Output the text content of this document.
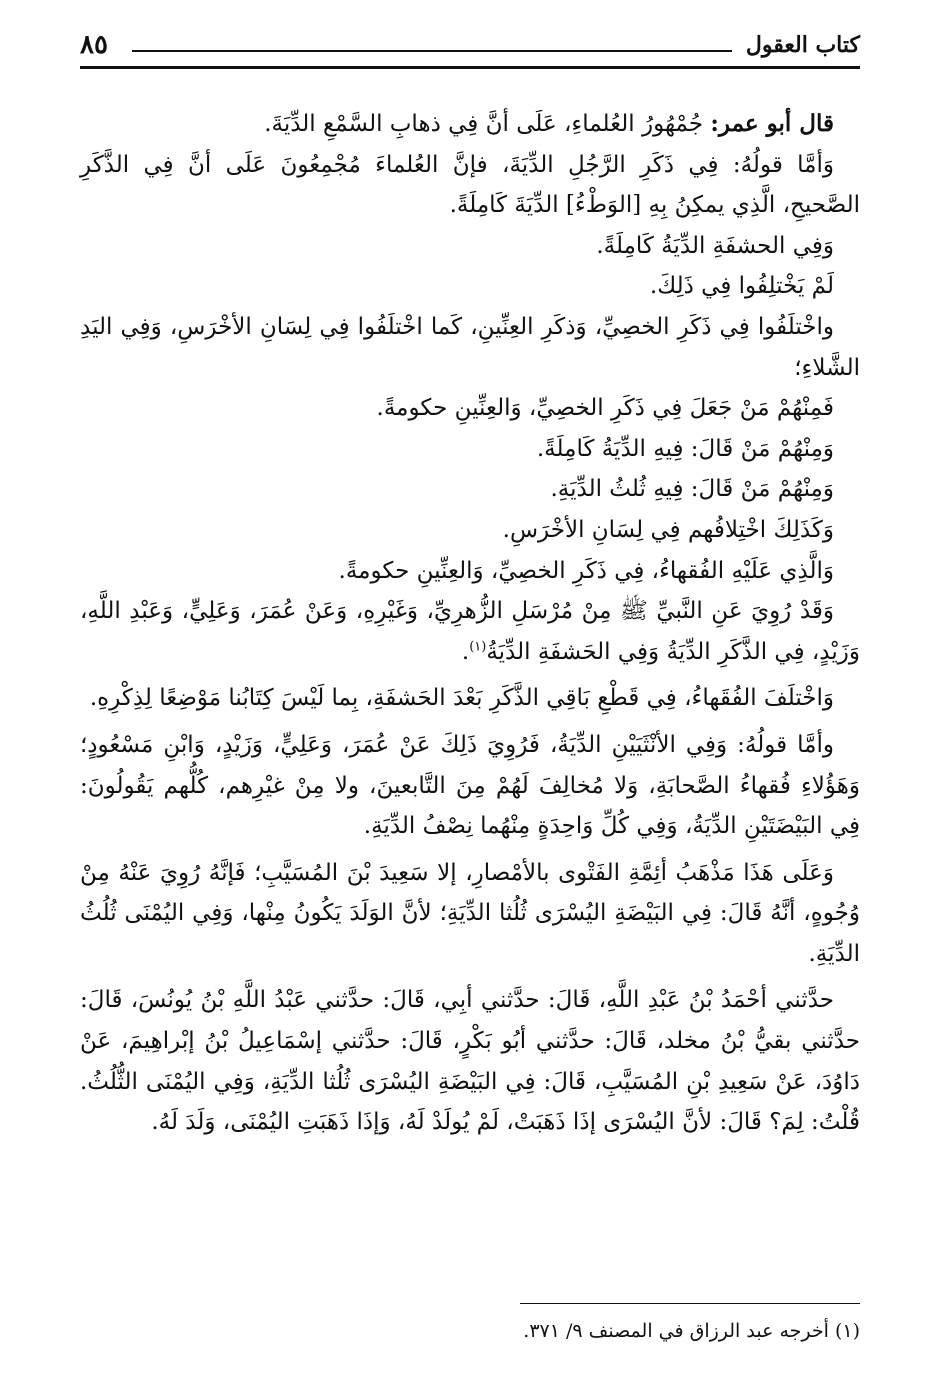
كتاب العقول
٨٥

قال أبو عمر: جُمْهُورُ العُلماءِ، عَلَى أنَّ فِي ذهابِ السَّمْعِ الدِّيَةَ.

وَأمَّا قولُهُ: فِي ذَكَرِ الرَّجُلِ الدِّيَةَ، فإنَّ العُلماءَ مُجْمِعُونَ عَلَى أنَّ فِي الذَّكَرِ الصَّحيحِ، الَّذِي يمكِنُ بِهِ [الوَطْءُ] الدِّيَةَ كَامِلَةً.

وَفِي الحشفَةِ الدِّيَةُ كَامِلَةً.

لَمْ يَخْتلِفُوا فِي ذَلِكَ.

واخْتلَفُوا فِي ذَكَرِ الخصِيِّ، وَذكَرِ العِنِّينِ، كَما اخْتلَفُوا فِي لِسَانِ الأخْرَسِ، وَفِي اليَدِ الشَّلاءِ؛

فَمِنْهُمْ مَنْ جَعَلَ فِي ذَكَرِ الخصِيِّ، وَالعِنِّينِ حكومةً.

وَمِنْهُمْ مَنْ قَالَ: فِيهِ الدِّيَةُ كَامِلَةً.

وَمِنْهُمْ مَنْ قَالَ: فِيهِ ثُلثُ الدِّيَةِ.

وَكَذَلِكَ اخْتِلافُهم فِي لِسَانِ الأخْرَسِ.

وَالَّذِي عَلَيْهِ الفُقهاءُ، فِي ذَكَرِ الخصِيِّ، وَالعِنِّينِ حكومةً.

وَقَدْ رُوِيَ عَنِ النَّبيِّ ﷺ مِنْ مُرْسَلِ الزُّهرِيِّ، وَغَيْرِهِ، وَعَنْ عُمَرَ، وَعَلِيٍّ، وَعَبْدِ اللَّهِ، وَزَيْدٍ، فِي الذَّكَرِ الدِّيَةُ وَفِي الحَشفَةِ الدِّيَةُ$^{(١)}$.

وَاخْتلَفَ الفُقَهاءُ، فِي قَطْعِ بَاقِي الذَّكَرِ بَعْدَ الحَشفَةِ، بِما لَيْسَ كِتَابُنا مَوْضِعًا لِذِكْرِهِ.

وأمَّا قولُهُ: وَفِي الأنْثَيَيْنِ الدِّيَةُ، فَرُوِيَ ذَلِكَ عَنْ عُمَرَ، وَعَلِيٍّ، وَزَيْدٍ، وَابْنِ مَسْعُودٍ؛ وَهَؤُلاءِ فُقهاءُ الصَّحابَةِ، وَلا مُخالِفَ لَهُمْ مِنَ التَّابعينَ، ولا مِنْ غيْرِهم، كُلُّهم يَقُولُونَ: فِي البَيْضَتَيْنِ الدِّيَةُ، وَفِي كُلِّ وَاحِدَةٍ مِنْهُما نِصْفُ الدِّيَةِ.

وَعَلَى هَذَا مَذْهَبُ أئِمَّةِ الفَتْوى بالأمْصارِ، إلا سَعِيدَ بْنَ المُسَيَّبِ؛ فَإنَّهُ رُوِيَ عَنْهُ مِنْ وُجُوهٍ، أنَّهُ قَالَ: فِي البَيْضَةِ اليُسْرَى ثُلُثا الدِّيَةِ؛ لأنَّ الوَلَدَ يَكُونُ مِنْها، وَفِي اليُمْنَى ثُلُثُ الدِّيَةِ.

حدَّثني أحْمَدُ بْنُ عَبْدِ اللَّهِ، قَالَ: حدَّثني أبِي، قَالَ: حدَّثني عَبْدُ اللَّهِ بْنُ يُونُسَ، قَالَ: حدَّثني بقيُّ بْنُ مخلد، قَالَ: حدَّثني أبُو بَكْرٍ، قَالَ: حدَّثني إسْمَاعِيلُ بْنُ إبْراهِيمَ، عَنْ دَاوُدَ، عَنْ سَعِيدِ بْنِ المُسَيَّبِ، قَالَ: فِي البَيْضَةِ اليُسْرَى ثُلُثا الدِّيَةِ، وَفِي اليُمْنَى الثُّلُثُ. قُلْتُ: لِمَ؟ قَالَ: لأنَّ اليُسْرَى إذَا ذَهَبَتْ، لَمْ يُولَدْ لَهُ، وَإذَا ذَهَبَتِ اليُمْنَى، وَلَدَ لَهُ.

(١) أخرجه عبد الرزاق في المصنف ٩/ ٣٧١.
